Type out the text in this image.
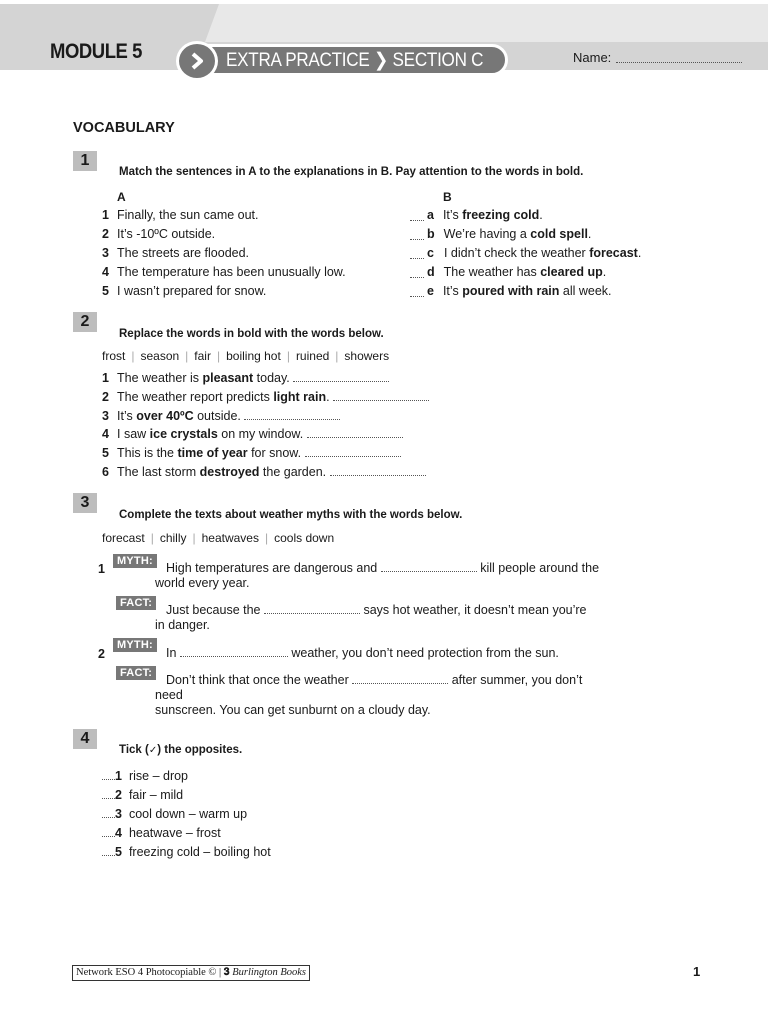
MODULE 5	EXTRA PRACTICE ❯ SECTION C	Name:
VOCABULARY
1
Match the sentences in A to the explanations in B. Pay attention to the words in bold.
A	B
1 Finally, the sun came out.
2 It’s -10ºC outside.
3 The streets are flooded.
4 The temperature has been unusually low.
5 I wasn’t prepared for snow.
a It’s freezing cold.
b We’re having a cold spell.
c I didn’t check the weather forecast.
d The weather has cleared up.
e It’s poured with rain all week.
2
Replace the words in bold with the words below.
frost | season | fair | boiling hot | ruined | showers
1 The weather is pleasant today.
2 The weather report predicts light rain.
3 It’s over 40ºC outside.
4 I saw ice crystals on my window.
5 This is the time of year for snow.
6 The last storm destroyed the garden.
3
Complete the texts about weather myths with the words below.
forecast | chilly | heatwaves | cools down
1
MYTH:	High temperatures are dangerous and	kill people around the
world every year.
FACT:	Just because the	says hot weather, it doesn’t mean you’re
in danger.
2
MYTH:
In	weather, you don’t need protection from the sun.
FACT:	Don’t think that once the weather	after summer, you don’t
need
sunscreen. You can get sunburnt on a cloudy day.
4
Tick (✓) the opposites.
1 rise – drop
2 fair – mild
3 cool down – warm up
4 heatwave – frost
5 freezing cold – boiling hot
Network ESO 4 Photocopiable © | 𝟑 Burlington Books	1
